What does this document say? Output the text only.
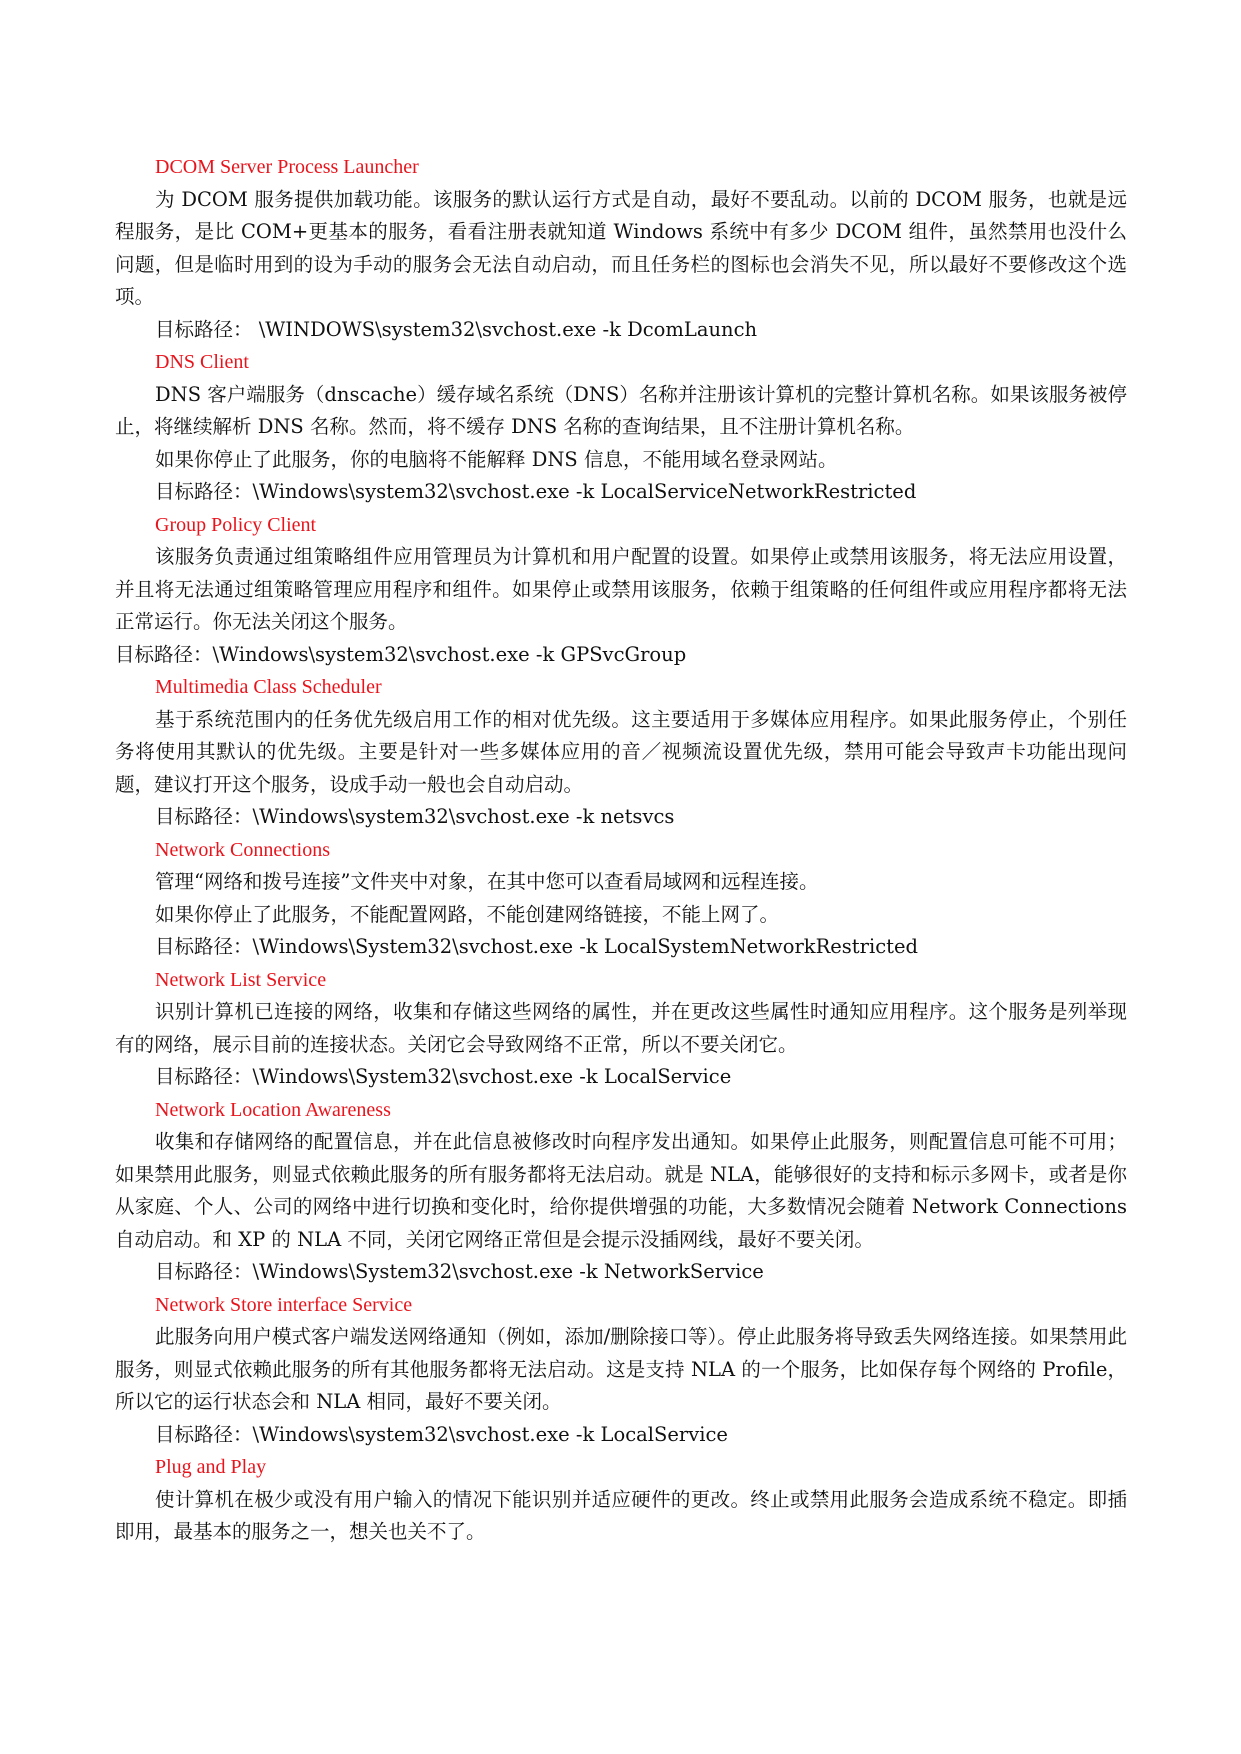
DCOM Server Process Launcher

为 DCOM 服务提供加载功能。该服务的默认运行方式是自动，最好不要乱动。以前的 DCOM 服务，也就是远程服务，是比 COM+更基本的服务，看看注册表就知道 Windows 系统中有多少 DCOM 组件，虽然禁用也没什么问题，但是临时用到的设为手动的服务会无法自动启动，而且任务栏的图标也会消失不见，所以最好不要修改这个选项。

目标路径： \WINDOWS\system32\svchost.exe -k DcomLaunch

DNS Client

DNS 客户端服务（dnscache）缓存域名系统（DNS）名称并注册该计算机的完整计算机名称。如果该服务被停止，将继续解析 DNS 名称。然而，将不缓存 DNS 名称的查询结果，且不注册计算机名称。

如果你停止了此服务，你的电脑将不能解释 DNS 信息，不能用域名登录网站。

目标路径：\Windows\system32\svchost.exe -k LocalServiceNetworkRestricted

Group Policy Client

该服务负责通过组策略组件应用管理员为计算机和用户配置的设置。如果停止或禁用该服务，将无法应用设置，并且将无法通过组策略管理应用程序和组件。如果停止或禁用该服务，依赖于组策略的任何组件或应用程序都将无法正常运行。你无法关闭这个服务。

目标路径：\Windows\system32\svchost.exe -k GPSvcGroup

Multimedia Class Scheduler

基于系统范围内的任务优先级启用工作的相对优先级。这主要适用于多媒体应用程序。如果此服务停止，个别任务将使用其默认的优先级。主要是针对一些多媒体应用的音／视频流设置优先级，禁用可能会导致声卡功能出现问题，建议打开这个服务，设成手动一般也会自动启动。

目标路径：\Windows\system32\svchost.exe -k netsvcs

Network Connections

管理“网络和拨号连接”文件夹中对象，在其中您可以查看局域网和远程连接。

如果你停止了此服务，不能配置网路，不能创建网络链接，不能上网了。

目标路径：\Windows\System32\svchost.exe -k LocalSystemNetworkRestricted

Network List Service

识别计算机已连接的网络，收集和存储这些网络的属性，并在更改这些属性时通知应用程序。这个服务是列举现有的网络，展示目前的连接状态。关闭它会导致网络不正常，所以不要关闭它。

目标路径：\Windows\System32\svchost.exe -k LocalService

Network Location Awareness

收集和存储网络的配置信息，并在此信息被修改时向程序发出通知。如果停止此服务，则配置信息可能不可用；如果禁用此服务，则显式依赖此服务的所有服务都将无法启动。就是 NLA，能够很好的支持和标示多网卡，或者是你从家庭、个人、公司的网络中进行切换和变化时，给你提供增强的功能，大多数情况会随着 Network Connections 自动启动。和 XP 的 NLA 不同，关闭它网络正常但是会提示没插网线，最好不要关闭。

目标路径：\Windows\System32\svchost.exe -k NetworkService

Network Store interface Service

此服务向用户模式客户端发送网络通知（例如，添加/删除接口等）。停止此服务将导致丢失网络连接。如果禁用此服务，则显式依赖此服务的所有其他服务都将无法启动。这是支持 NLA 的一个服务，比如保存每个网络的 Profile，所以它的运行状态会和 NLA 相同，最好不要关闭。

目标路径：\Windows\system32\svchost.exe -k LocalService

Plug and Play

使计算机在极少或没有用户输入的情况下能识别并适应硬件的更改。终止或禁用此服务会造成系统不稳定。即插即用，最基本的服务之一，想关也关不了。
